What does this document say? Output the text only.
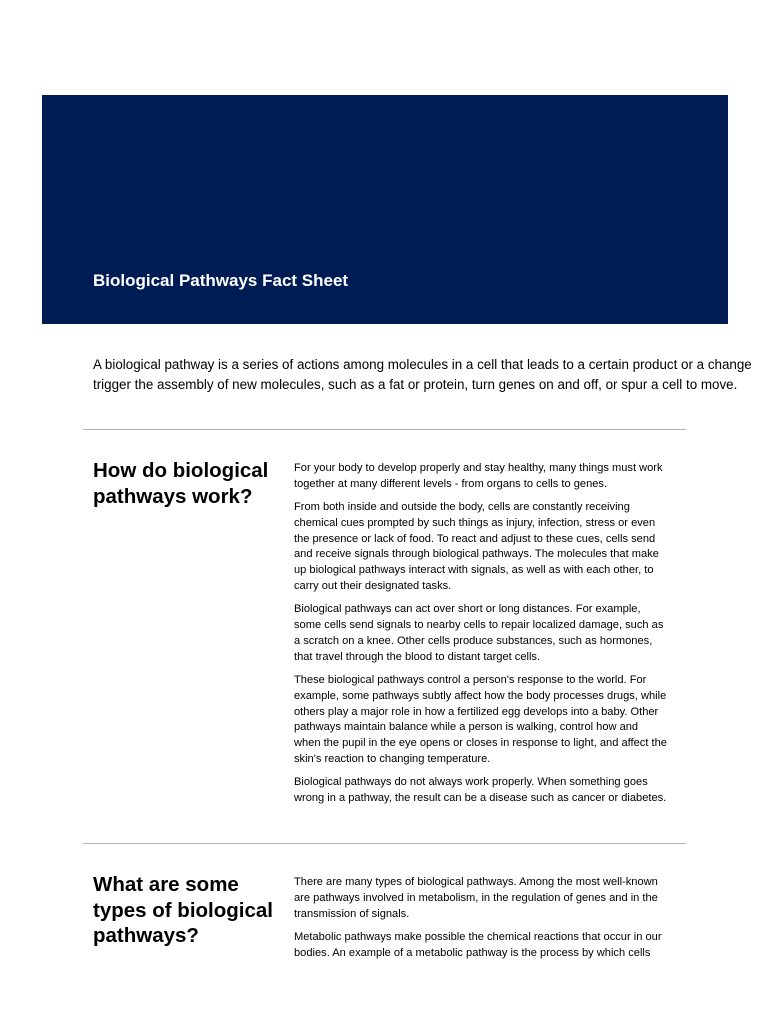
Biological Pathways Fact Sheet
A biological pathway is a series of actions among molecules in a cell that leads to a certain product or a change
trigger the assembly of new molecules, such as a fat or protein, turn genes on and off, or spur a cell to move.
How do biological pathways work?

For your body to develop properly and stay healthy, many things must work
together at many different levels - from organs to cells to genes.

From both inside and outside the body, cells are constantly receiving
chemical cues prompted by such things as injury, infection, stress or even
the presence or lack of food. To react and adjust to these cues, cells send
and receive signals through biological pathways. The molecules that make
up biological pathways interact with signals, as well as with each other, to
carry out their designated tasks.

Biological pathways can act over short or long distances. For example,
some cells send signals to nearby cells to repair localized damage, such as
a scratch on a knee. Other cells produce substances, such as hormones,
that travel through the blood to distant target cells.

These biological pathways control a person's response to the world. For
example, some pathways subtly affect how the body processes drugs, while
others play a major role in how a fertilized egg develops into a baby. Other
pathways maintain balance while a person is walking, control how and
when the pupil in the eye opens or closes in response to light, and affect the
skin's reaction to changing temperature.

Biological pathways do not always work properly. When something goes
wrong in a pathway, the result can be a disease such as cancer or diabetes.

What are some types of biological pathways?

There are many types of biological pathways. Among the most well-known
are pathways involved in metabolism, in the regulation of genes and in the
transmission of signals.

Metabolic pathways make possible the chemical reactions that occur in our
bodies. An example of a metabolic pathway is the process by which cells
